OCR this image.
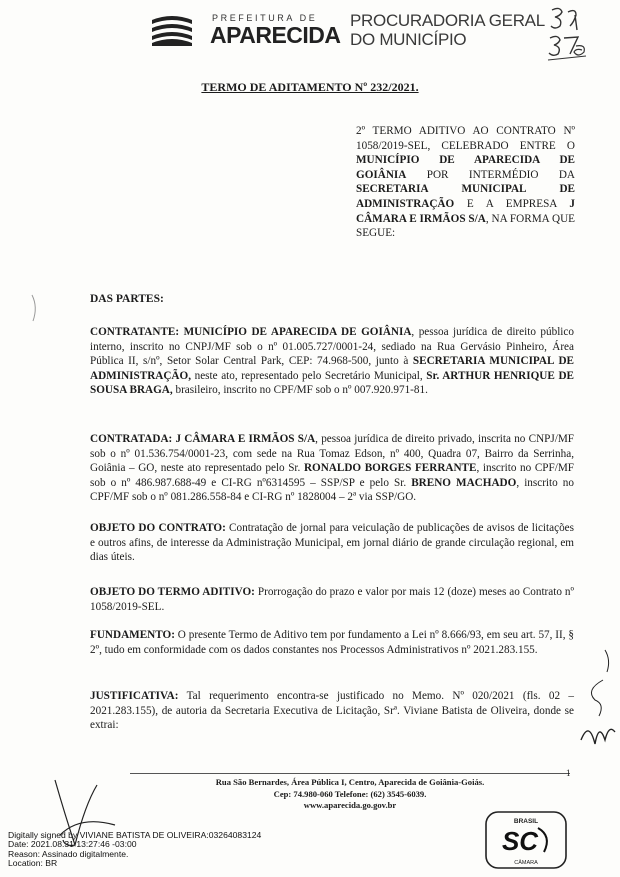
PREFEITURA DE
APARECIDA
PROCURADORIA GERAL
DO MUNICÍPIO
TERMO DE ADITAMENTO Nº 232/2021.

2º TERMO ADITIVO AO CONTRATO Nº 1058/2019-SEL, CELEBRADO ENTRE O MUNICÍPIO DE APARECIDA DE GOIÂNIA POR INTERMÉDIO DA SECRETARIA MUNICIPAL DE ADMINISTRAÇÃO E A EMPRESA J CÂMARA E IRMÃOS S/A, NA FORMA QUE SEGUE:

DAS PARTES:

CONTRATANTE: MUNICÍPIO DE APARECIDA DE GOIÂNIA, pessoa jurídica de direito público interno, inscrito no CNPJ/MF sob o nº 01.005.727/0001-24, sediado na Rua Gervásio Pinheiro, Área Pública II, s/nº, Setor Solar Central Park, CEP: 74.968-500, junto à SECRETARIA MUNICIPAL DE ADMINISTRAÇÃO, neste ato, representado pelo Secretário Municipal, Sr. ARTHUR HENRIQUE DE SOUSA BRAGA, brasileiro, inscrito no CPF/MF sob o nº 007.920.971-81.

CONTRATADA: J CÂMARA E IRMÃOS S/A, pessoa jurídica de direito privado, inscrita no CNPJ/MF sob o nº 01.536.754/0001-23, com sede na Rua Tomaz Edson, nº 400, Quadra 07, Bairro da Serrinha, Goiânia – GO, neste ato representado pelo Sr. RONALDO BORGES FERRANTE, inscrito no CPF/MF sob o nº 486.987.688-49 e CI-RG nº6314595 – SSP/SP e pelo Sr. BRENO MACHADO, inscrito no CPF/MF sob o nº 081.286.558-84 e CI-RG nº 1828004 – 2ª via SSP/GO.

OBJETO DO CONTRATO: Contratação de jornal para veiculação de publicações de avisos de licitações e outros afins, de interesse da Administração Municipal, em jornal diário de grande circulação regional, em dias úteis.

OBJETO DO TERMO ADITIVO: Prorrogação do prazo e valor por mais 12 (doze) meses ao Contrato nº 1058/2019-SEL.

FUNDAMENTO: O presente Termo de Aditivo tem por fundamento a Lei nº 8.666/93, em seu art. 57, II, § 2º, tudo em conformidade com os dados constantes nos Processos Administrativos nº 2021.283.155.

JUSTIFICATIVA: Tal requerimento encontra-se justificado no Memo. Nº 020/2021 (fls. 02 – 2021.283.155), de autoria da Secretaria Executiva de Licitação, Srª. Viviane Batista de Oliveira, donde se extrai:

1
Rua São Bernardes, Área Pública I, Centro, Aparecida de Goiânia-Goiás.
Cep: 74.980-060 Telefone: (62) 3545-6039.
www.aparecida.go.gov.br
Digitally signed by VIVIANE BATISTA DE OLIVEIRA:03264083124
Date: 2021.08.31 13:27:46 -03:00
Reason: Assinado digitalmente.
Location: BR
BRASIL
SC
CÂMARA
